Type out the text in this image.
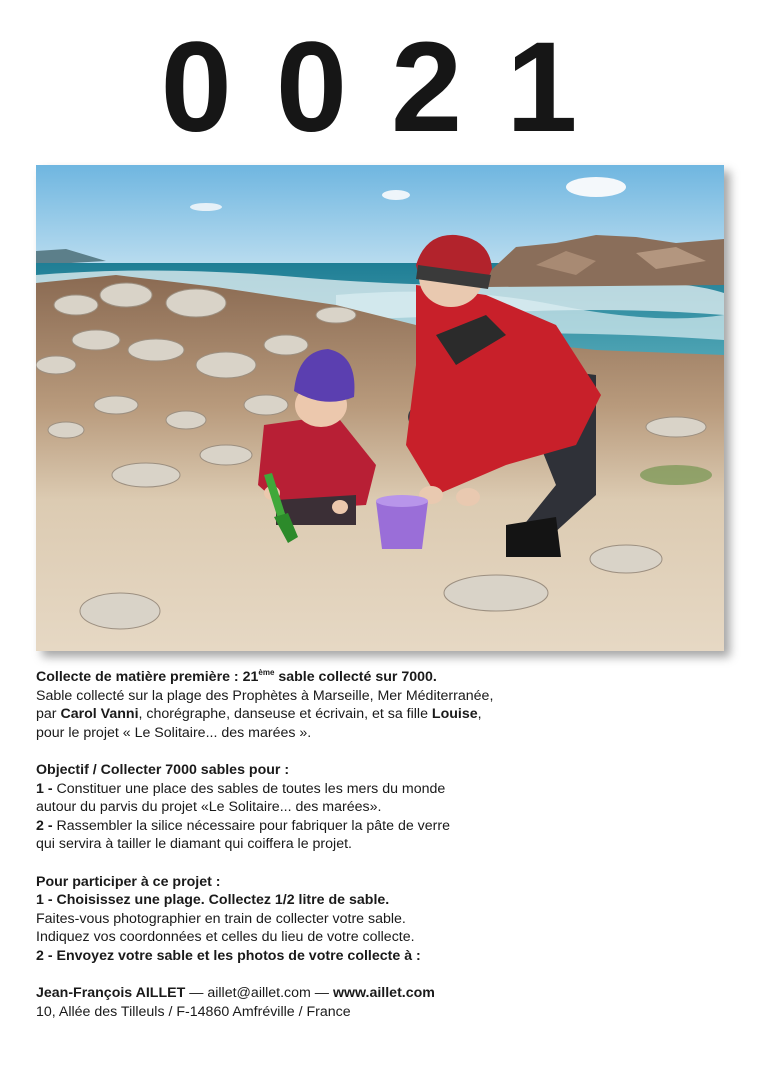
0021

Collecte de matière première : 21ème sable collecté sur 7000.

Sable collecté sur la plage des Prophètes à Marseille, Mer Méditerranée,

par Carol Vanni, chorégraphe, danseuse et écrivain, et sa fille Louise,

pour le projet « Le Solitaire... des marées ».

Objectif / Collecter 7000 sables pour :

1 - Constituer une place des sables de toutes les mers du monde

autour du parvis du projet «Le Solitaire... des marées».

2 - Rassembler la silice nécessaire pour fabriquer la pâte de verre

qui servira à tailler le diamant qui coiffera le projet.

Pour participer à ce projet :

1 - Choisissez une plage. Collectez 1/2 litre de sable.

Faites-vous photographier en train de collecter votre sable.

Indiquez vos coordonnées et celles du lieu de votre collecte.

2 - Envoyez votre sable et les photos de votre collecte à :

Jean-François AILLET — aillet@aillet.com — www.aillet.com

10, Allée des Tilleuls / F-14860 Amfréville / France
